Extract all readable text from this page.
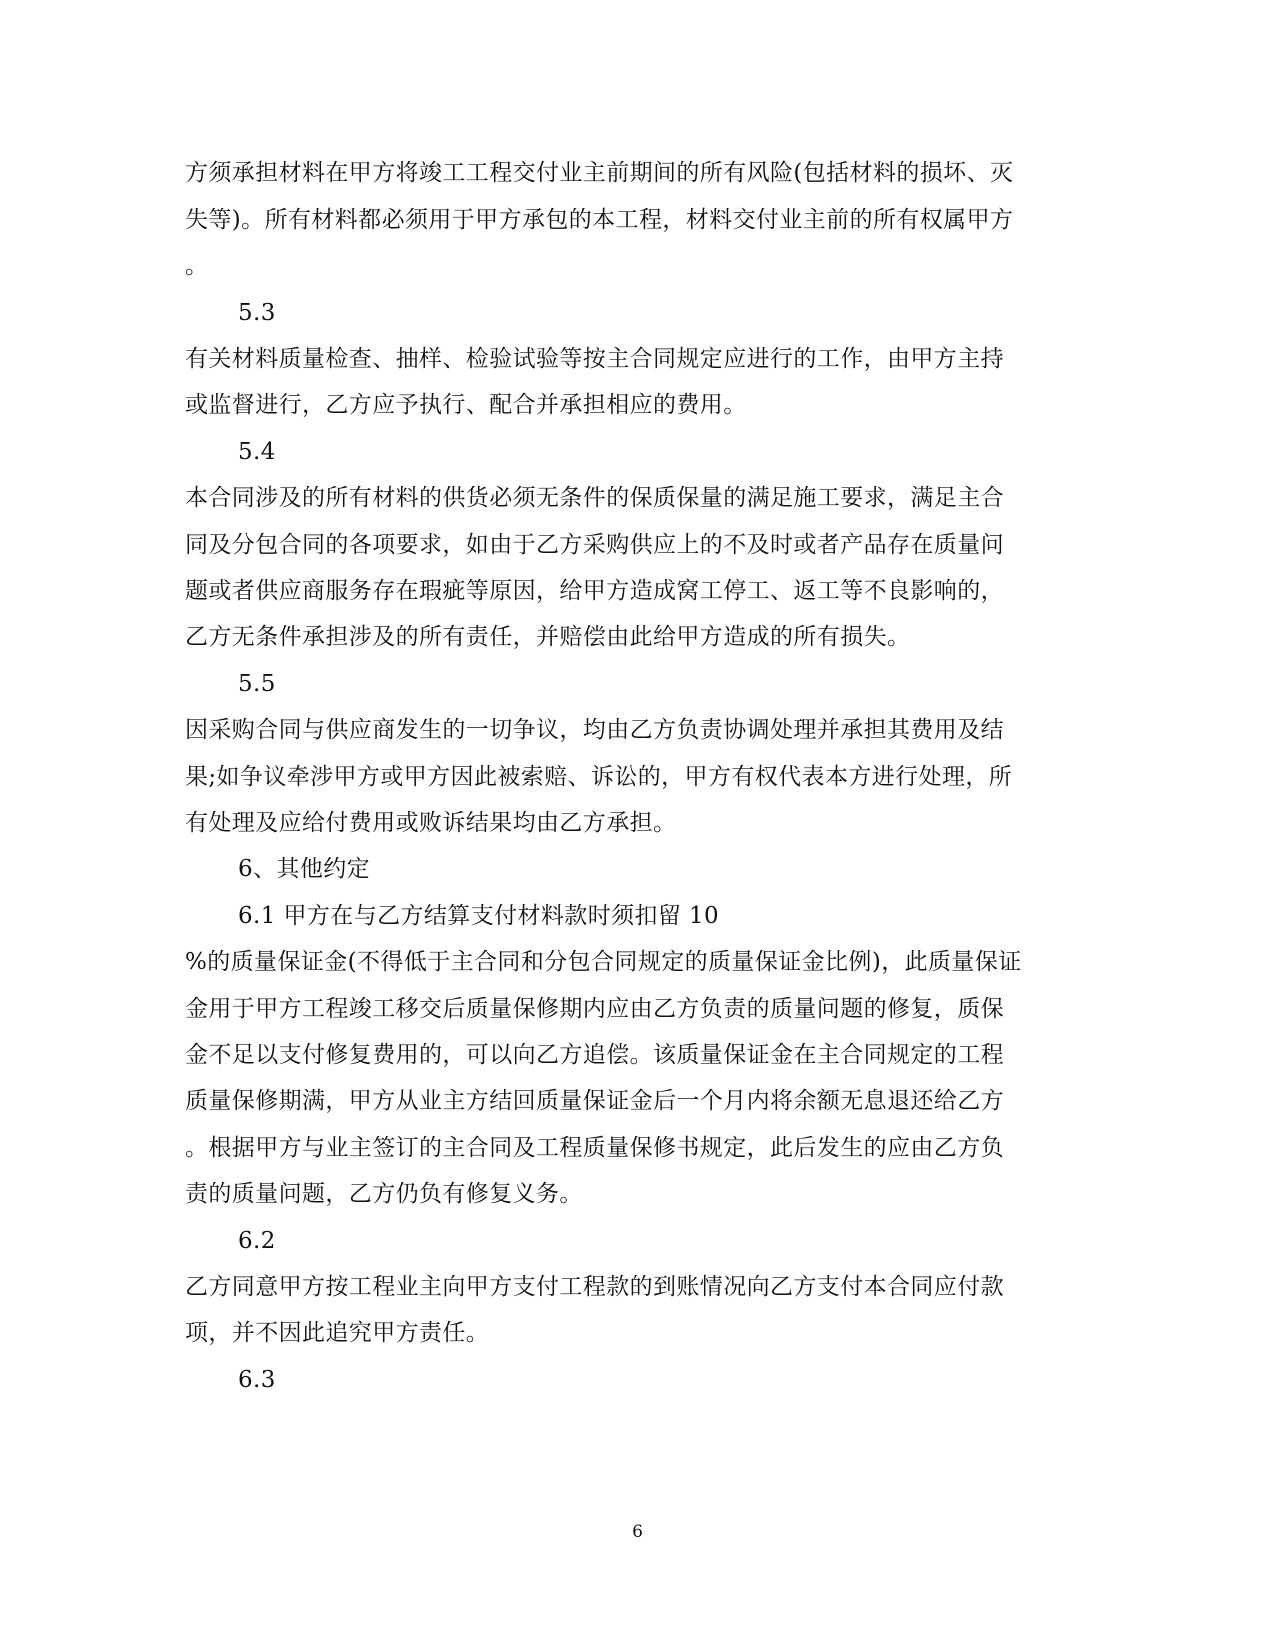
方须承担材料在甲方将竣工工程交付业主前期间的所有风险(包括材料的损坏、灭
失等)。所有材料都必须用于甲方承包的本工程，材料交付业主前的所有权属甲方
。
5.3
有关材料质量检查、抽样、检验试验等按主合同规定应进行的工作，由甲方主持
或监督进行，乙方应予执行、配合并承担相应的费用。
5.4
本合同涉及的所有材料的供货必须无条件的保质保量的满足施工要求，满足主合
同及分包合同的各项要求，如由于乙方采购供应上的不及时或者产品存在质量问
题或者供应商服务存在瑕疵等原因，给甲方造成窝工停工、返工等不良影响的，
乙方无条件承担涉及的所有责任，并赔偿由此给甲方造成的所有损失。
5.5
因采购合同与供应商发生的一切争议，均由乙方负责协调处理并承担其费用及结
果;如争议牵涉甲方或甲方因此被索赔、诉讼的，甲方有权代表本方进行处理，所
有处理及应给付费用或败诉结果均由乙方承担。
6、其他约定
6.1 甲方在与乙方结算支付材料款时须扣留 10
%的质量保证金(不得低于主合同和分包合同规定的质量保证金比例)，此质量保证
金用于甲方工程竣工移交后质量保修期内应由乙方负责的质量问题的修复，质保
金不足以支付修复费用的，可以向乙方追偿。该质量保证金在主合同规定的工程
质量保修期满，甲方从业主方结回质量保证金后一个月内将余额无息退还给乙方
。根据甲方与业主签订的主合同及工程质量保修书规定，此后发生的应由乙方负
责的质量问题，乙方仍负有修复义务。
6.2
乙方同意甲方按工程业主向甲方支付工程款的到账情况向乙方支付本合同应付款
项，并不因此追究甲方责任。
6.3
6
